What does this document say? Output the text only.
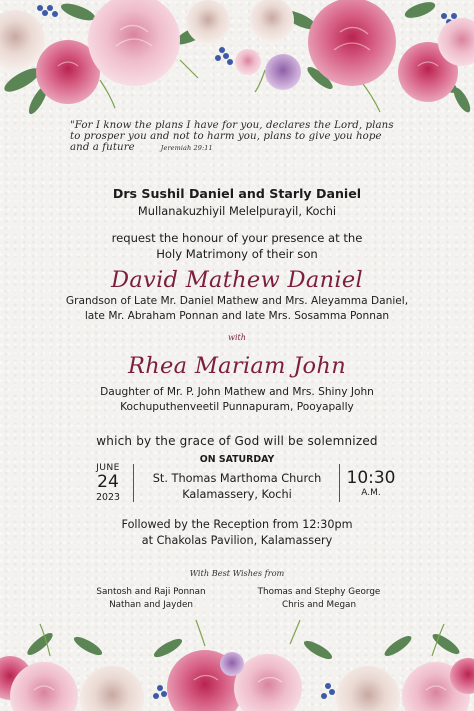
"For I know the plans I have for you, declares the Lord, plans to prosper you and not to harm you, plans to give you hope and a future	Jeremiah 29:11
Drs Sushil Daniel and Starly Daniel
Mullanakuzhiyil Melelpurayil, Kochi
request the honour of your presence at the
Holy Matrimony of their son
David Mathew Daniel
Grandson of Late Mr. Daniel Mathew and Mrs. Aleyamma Daniel,
late Mr. Abraham Ponnan and late Mrs. Sosamma Ponnan
with
Rhea Mariam John
Daughter of Mr. P. John Mathew and Mrs. Shiny John
Kochuputhenveetil Punnapuram, Pooyapally
which by the grace of God will be solemnized
ON SATURDAY
JUNE
24
2023
St. Thomas Marthoma Church
Kalamassery, Kochi
10:30
A.M.
Followed by the Reception from 12:30pm
at Chakolas Pavilion, Kalamassery
With Best Wishes from
Santosh and Raji Ponnan
Nathan and Jayden
Thomas and Stephy George
Chris and Megan
